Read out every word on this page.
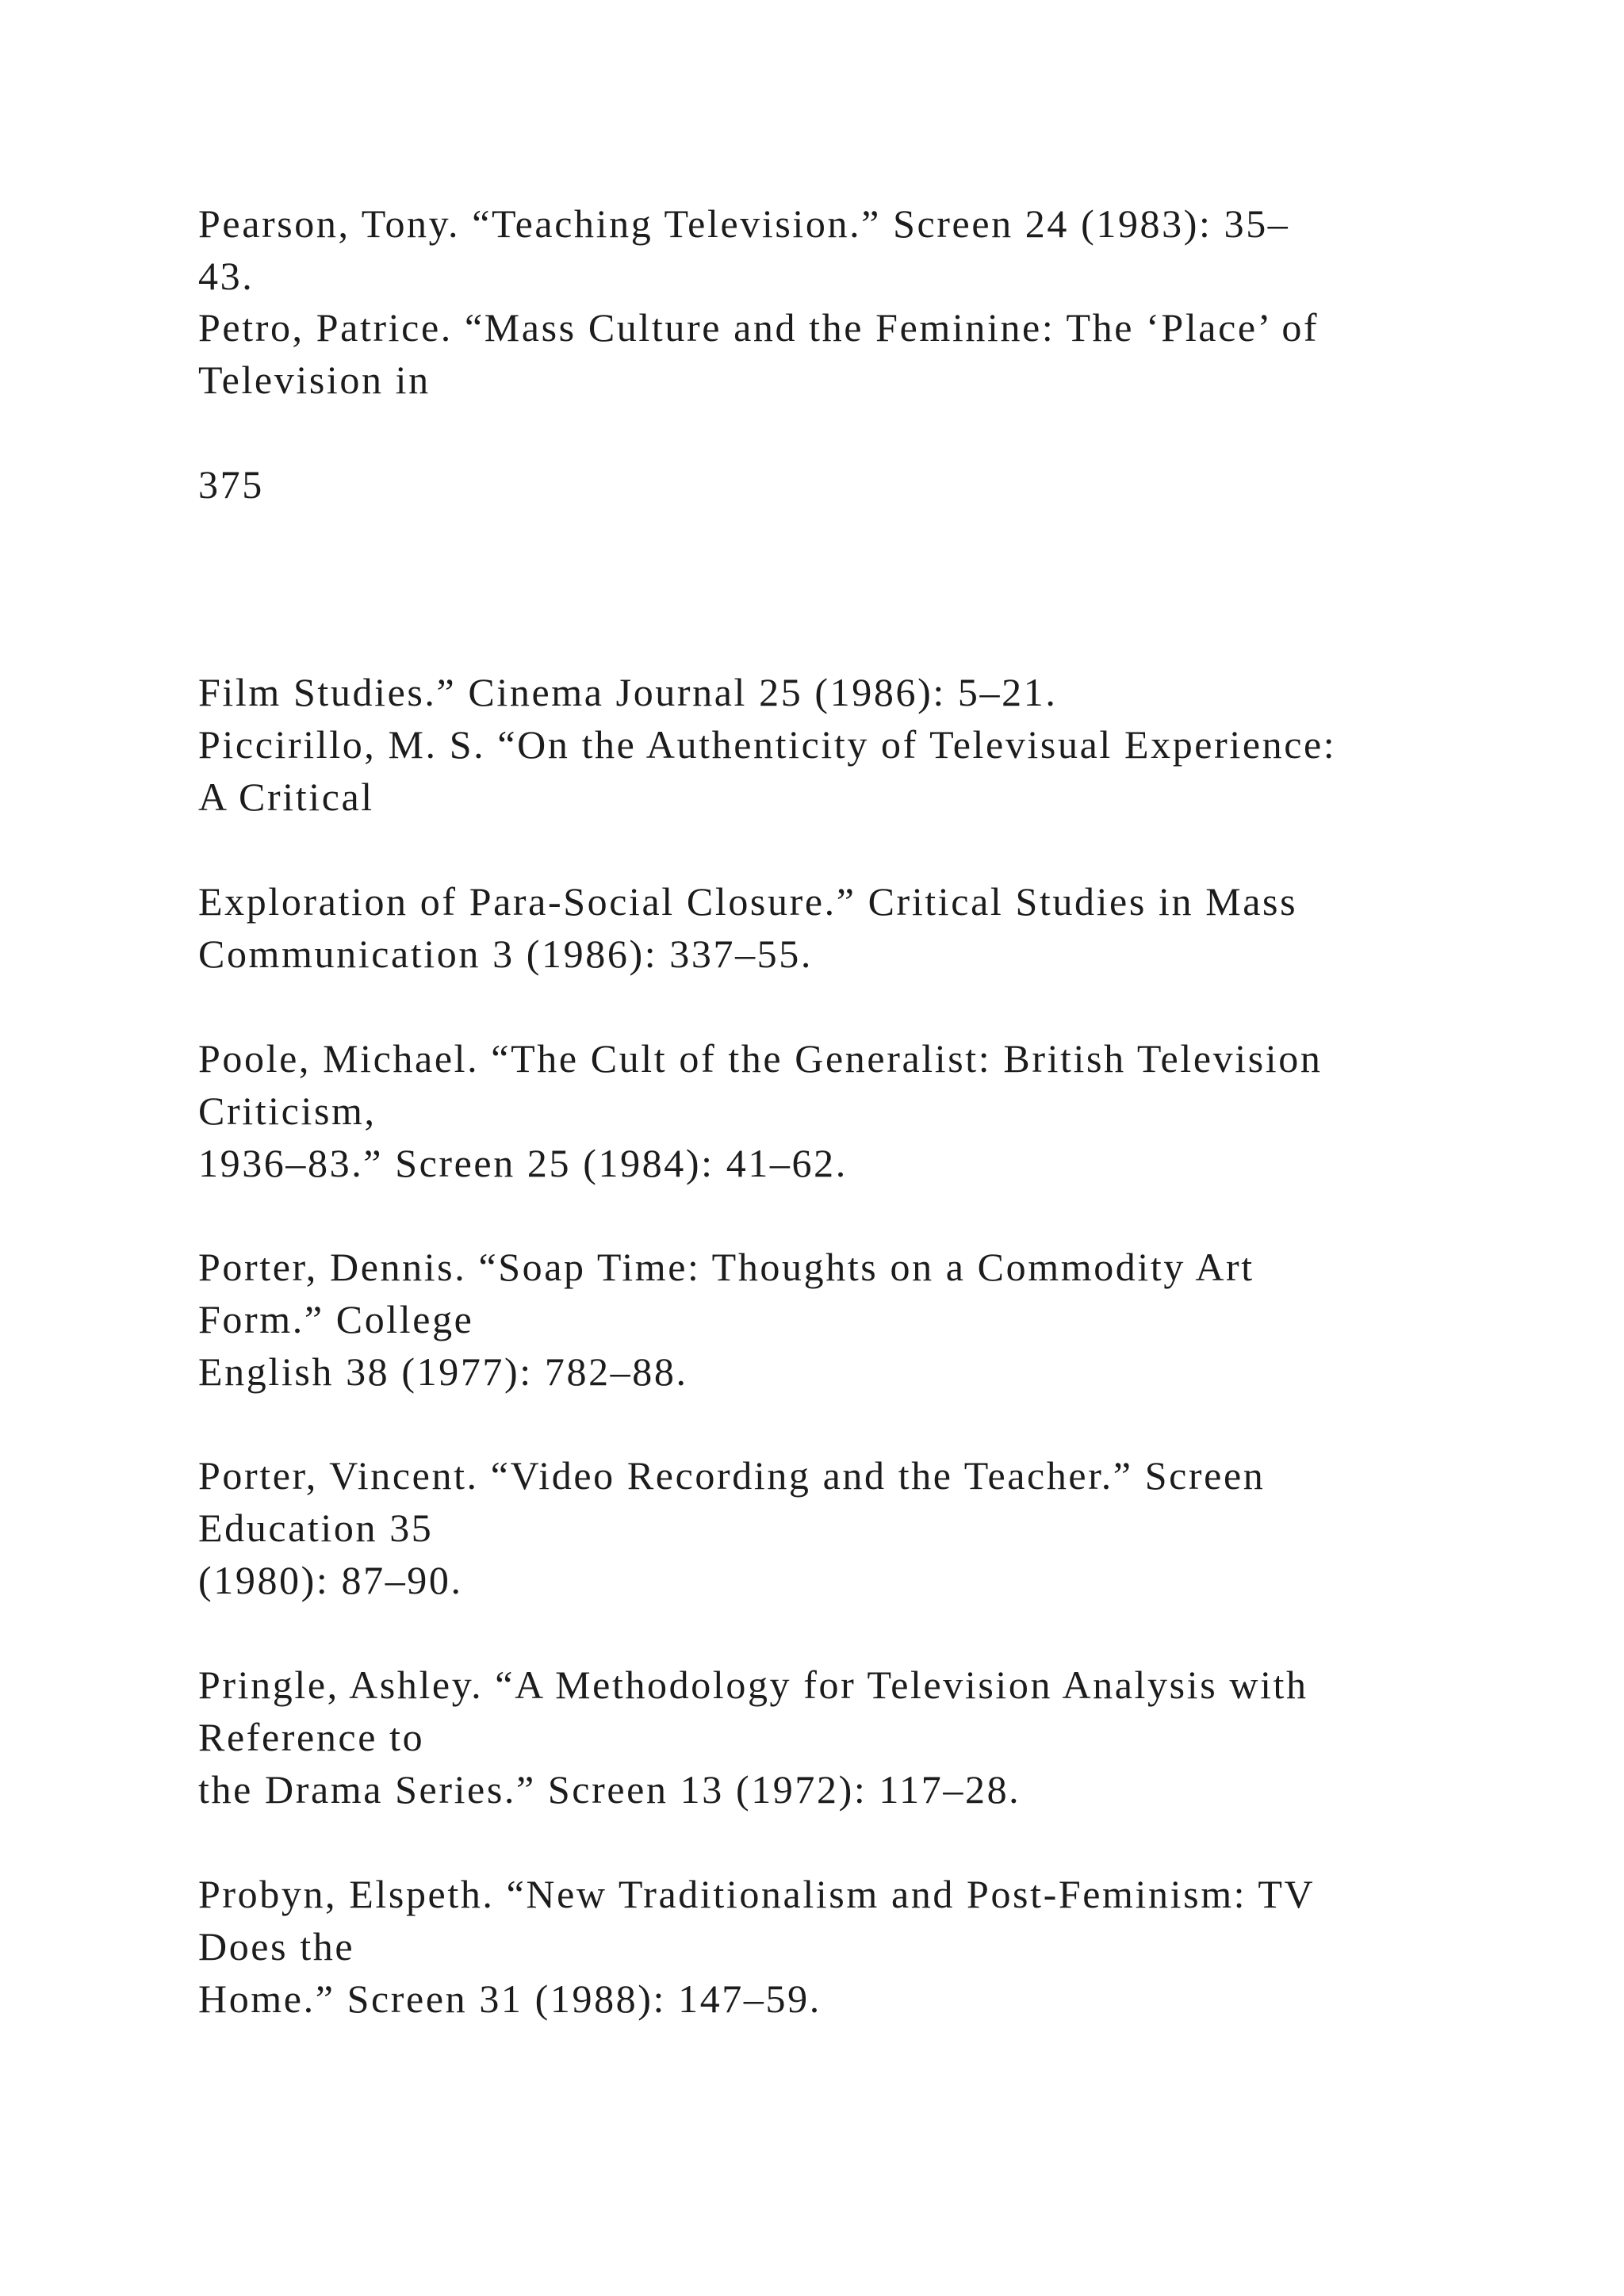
Pearson, Tony. “Teaching Television.” Screen 24 (1983): 35–
43.
Petro, Patrice. “Mass Culture and the Feminine: The ‘Place’ of
Television in
375
Film Studies.” Cinema Journal 25 (1986): 5–21.
Piccirillo, M. S. “On the Authenticity of Televisual Experience:
A Critical
Exploration of Para-Social Closure.” Critical Studies in Mass
Communication 3 (1986): 337–55.
Poole, Michael. “The Cult of the Generalist: British Television
Criticism,
1936–83.” Screen 25 (1984): 41–62.
Porter, Dennis. “Soap Time: Thoughts on a Commodity Art
Form.” College
English 38 (1977): 782–88.
Porter, Vincent. “Video Recording and the Teacher.” Screen
Education 35
(1980): 87–90.
Pringle, Ashley. “A Methodology for Television Analysis with
Reference to
the Drama Series.” Screen 13 (1972): 117–28.
Probyn, Elspeth. “New Traditionalism and Post-Feminism: TV
Does the
Home.” Screen 31 (1988): 147–59.
